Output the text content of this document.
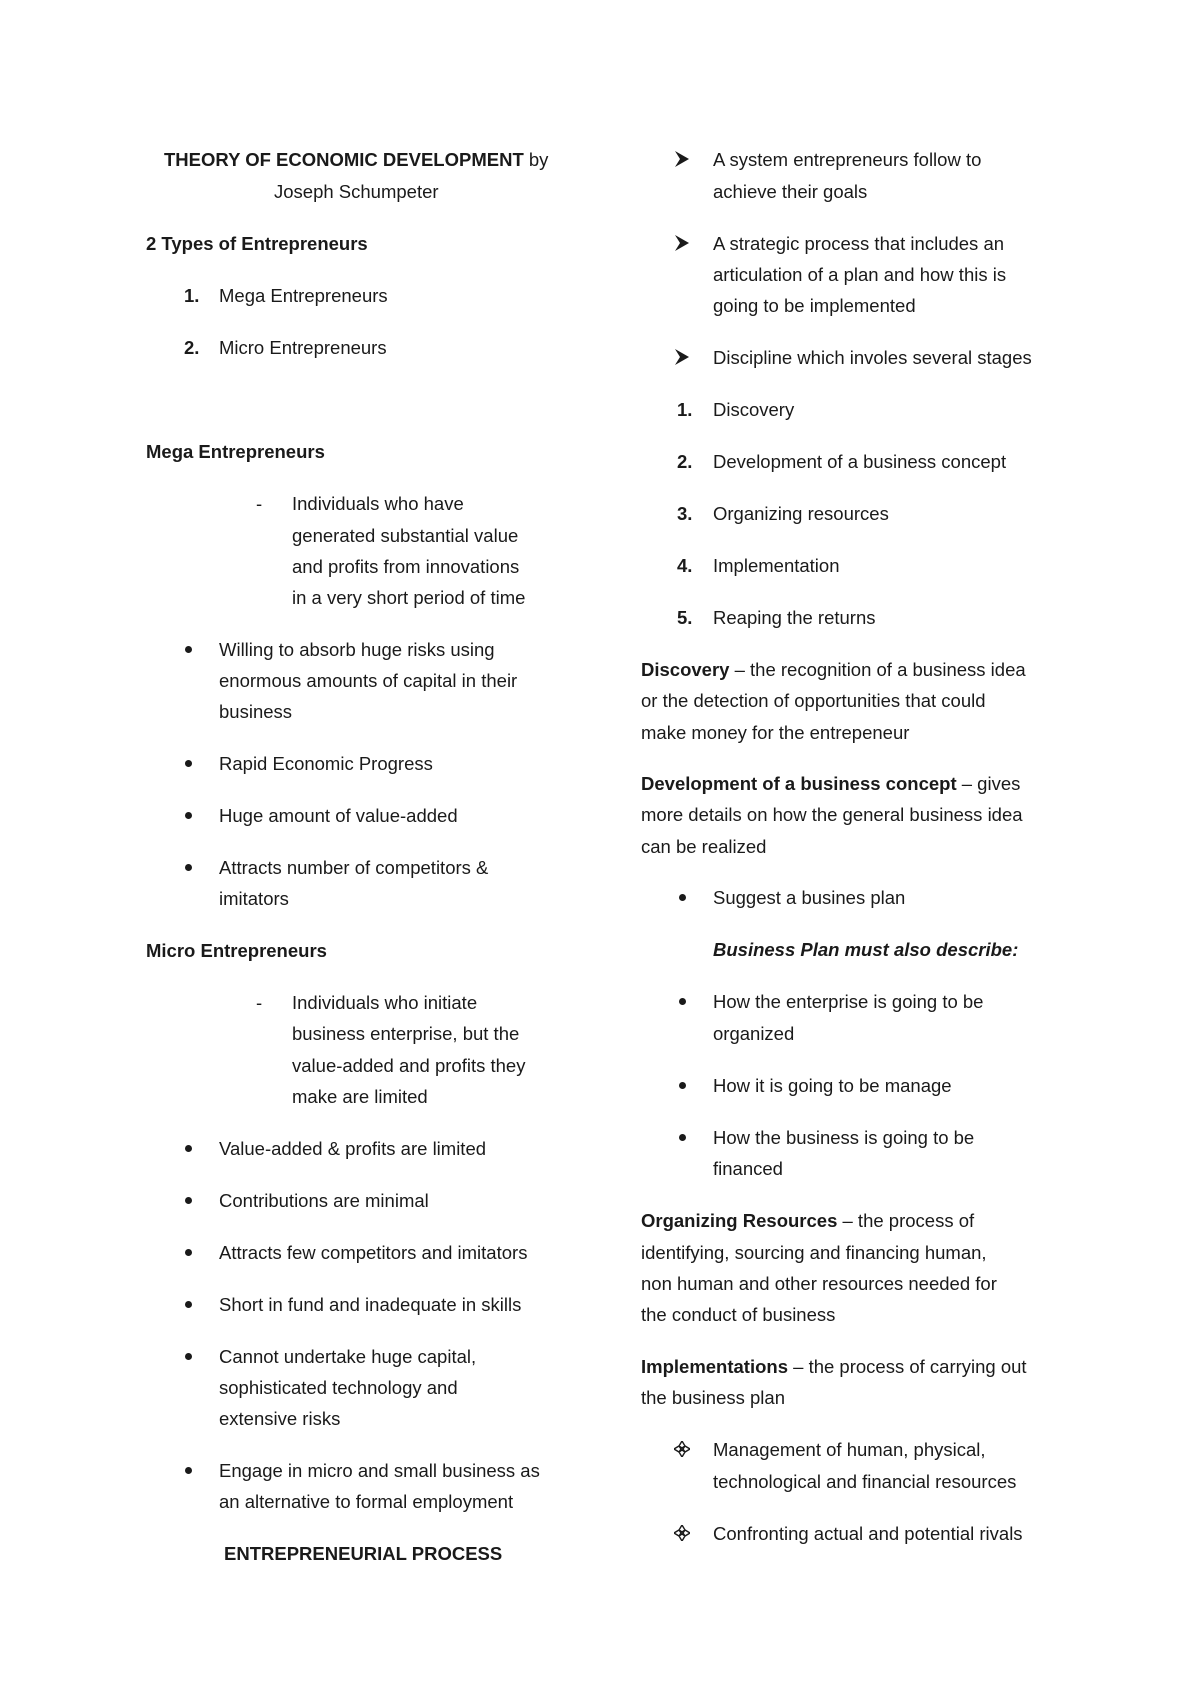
THEORY OF ECONOMIC DEVELOPMENT by
Joseph Schumpeter
2 Types of Entrepreneurs
1. Mega Entrepreneurs
2. Micro Entrepreneurs
Mega Entrepreneurs
- Individuals who have
generated substantial value
and profits from innovations
in a very short period of time
Willing to absorb huge risks using
enormous amounts of capital in their
business
Rapid Economic Progress
Huge amount of value-added
Attracts number of competitors &
imitators
Micro Entrepreneurs
- Individuals who initiate
business enterprise, but the
value-added and profits they
make are limited
Value-added & profits are limited
Contributions are minimal
Attracts few competitors and imitators
Short in fund and inadequate in skills
Cannot undertake huge capital,
sophisticated technology and
extensive risks
Engage in micro and small business as
an alternative to formal employment
ENTREPRENEURIAL PROCESS
A system entrepreneurs follow to
achieve their goals
A strategic process that includes an
articulation of a plan and how this is
going to be implemented
Discipline which involes several stages
1. Discovery
2. Development of a business concept
3. Organizing resources
4. Implementation
5. Reaping the returns
Discovery – the recognition of a business idea
or the detection of opportunities that could
make money for the entrepeneur
Development of a business concept – gives
more details on how the general business idea
can be realized
Suggest a busines plan
Business Plan must also describe:
How the enterprise is going to be
organized
How it is going to be manage
How the business is going to be
financed
Organizing Resources – the process of
identifying, sourcing and financing human,
non human and other resources needed for
the conduct of business
Implementations – the process of carrying out
the business plan
Management of human, physical,
technological and financial resources
Confronting actual and potential rivals
